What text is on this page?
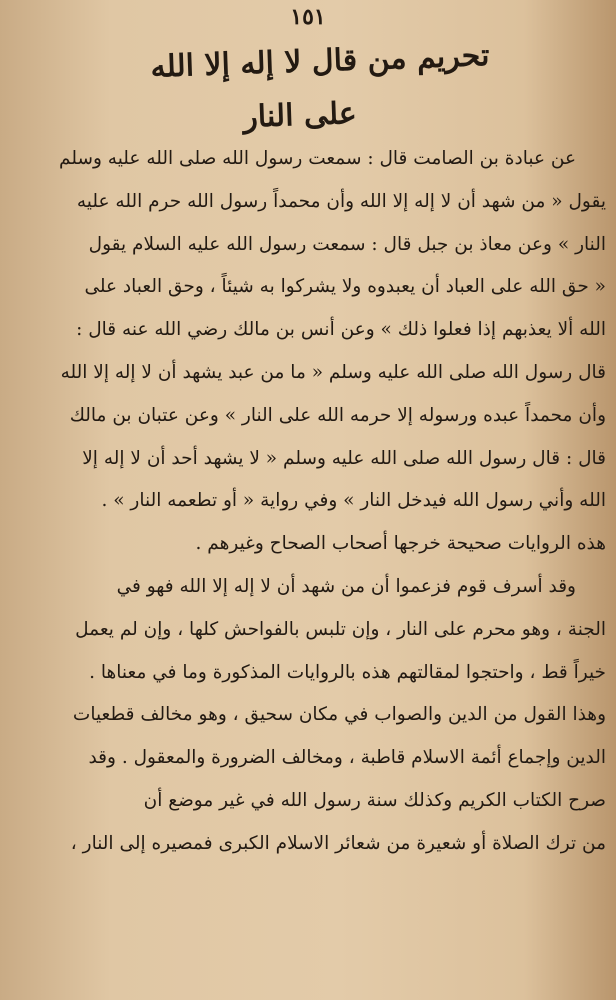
١٥١
تحريم من قال لا إله إلا الله
على النار
عن عبادة بن الصامت قال : سمعت رسول الله صلى الله عليه وسلم
يقول « من شهد أن لا إله إلا الله وأن محمداً رسول الله حرم الله عليه
النار » وعن معاذ بن جبل قال : سمعت رسول الله عليه السلام يقول
« حق الله على العباد أن يعبدوه ولا يشركوا به شيئاً ، وحق العباد على
الله ألا يعذبهم إذا فعلوا ذلك » وعن أنس بن مالك رضي الله عنه قال :
قال رسول الله صلى الله عليه وسلم « ما من عبد يشهد أن لا إله إلا الله
وأن محمداً عبده ورسوله إلا حرمه الله على النار » وعن عتبان بن مالك
قال : قال رسول الله صلى الله عليه وسلم « لا يشهد أحد أن لا إله إلا
الله وأني رسول الله فيدخل النار » وفي رواية « أو تطعمه النار » .
هذه الروايات صحيحة خرجها أصحاب الصحاح وغيرهم .
وقد أسرف قوم فزعموا أن من شهد أن لا إله إلا الله فهو في
الجنة ، وهو محرم على النار ، وإن تلبس بالفواحش كلها ، وإن لم يعمل
خيراً قط ، واحتجوا لمقالتهم هذه بالروايات المذكورة وما في معناها .
وهذا القول من الدين والصواب في مكان سحيق ، وهو مخالف قطعيات
الدين وإجماع أئمة الاسلام قاطبة ، ومخالف الضرورة والمعقول . وقد
صرح الكتاب الكريم وكذلك سنة رسول الله في غير موضع أن
من ترك الصلاة أو شعيرة من شعائر الاسلام الكبرى فمصيره إلى النار ،
